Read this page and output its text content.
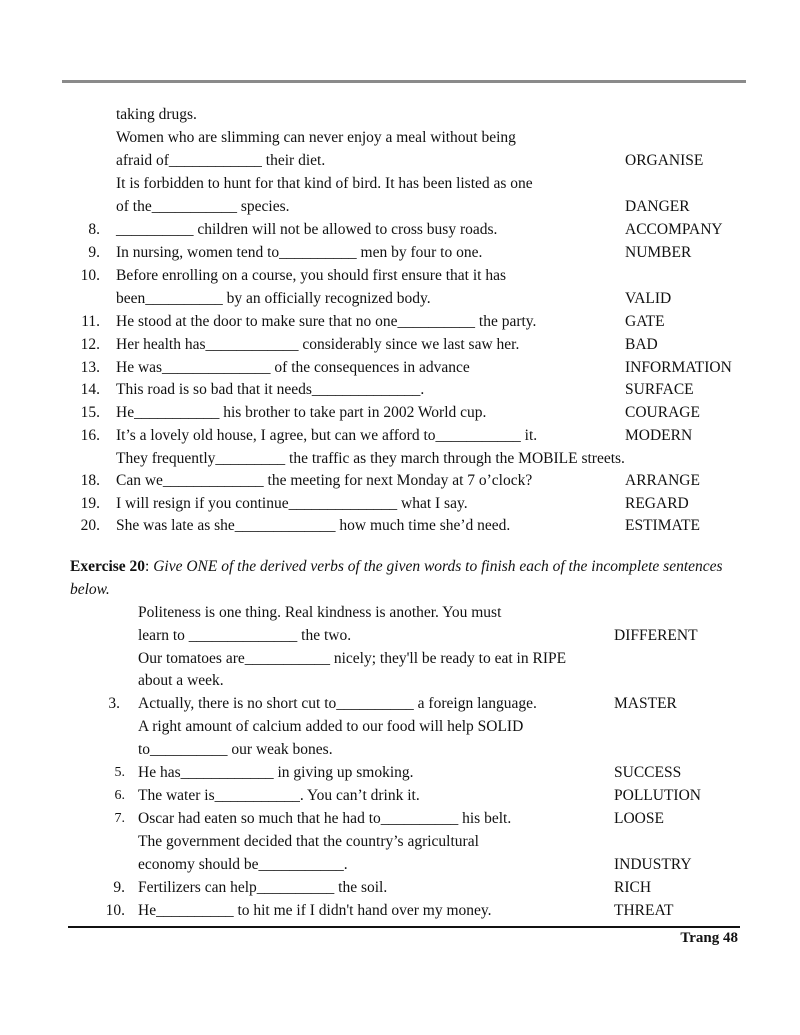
taking drugs.
Women who are slimming can never enjoy a meal without being
afraid of____________ their diet.
It is forbidden to hunt for that kind of bird. It has been listed as one
of the___________ species.
__________ children will not be allowed to cross busy roads.
In nursing, women tend to__________ men by four to one.
Before enrolling on a course, you should first ensure that it has
been__________ by an officially recognized body.
He stood at the door to make sure that no one__________ the party.
Her health has____________ considerably since we last saw her.
He was______________ of the consequences in advance
This road is so bad that it needs______________.
He___________ his brother to take part in 2002 World cup.
It’s a lovely old house, I agree, but can we afford to___________ it.
They frequently_________ the traffic as they march through the MOBILE streets.
Can we_____________ the meeting for next Monday at 7 o’clock?
I will resign if you continue______________ what I say.
She was late as she_____________ how much time she’d need.
8.
9.
10.
11.
12.
13.
14.
15.
16.
18.
19.
20.
ORGANISE
DANGER
ACCOMPANY
NUMBER
VALID
GATE
BAD
INFORMATION
SURFACE
COURAGE
MODERN
ARRANGE
REGARD
ESTIMATE
Exercise 20: Give ONE of the derived verbs of the given words to finish each of the incomplete sentences below.
Politeness is one thing. Real kindness is another. You must
learn to ______________ the two.
Our tomatoes are___________ nicely; they'll be ready to eat in RIPE
about a week.
Actually, there is no short cut to__________ a foreign language.
A right amount of calcium added to our food will help SOLID
to__________ our weak bones.
He has____________ in giving up smoking.
The water is___________. You can’t drink it.
Oscar had eaten so much that he had to__________ his belt.
The government decided that the country’s agricultural
economy should be___________.
Fertilizers can help__________ the soil.
He__________ to hit me if I didn't hand over my money.
3.
5.
6.
7.
9.
10.
DIFFERENT
MASTER
SUCCESS
POLLUTION
LOOSE
INDUSTRY
RICH
THREAT
Trang 48
